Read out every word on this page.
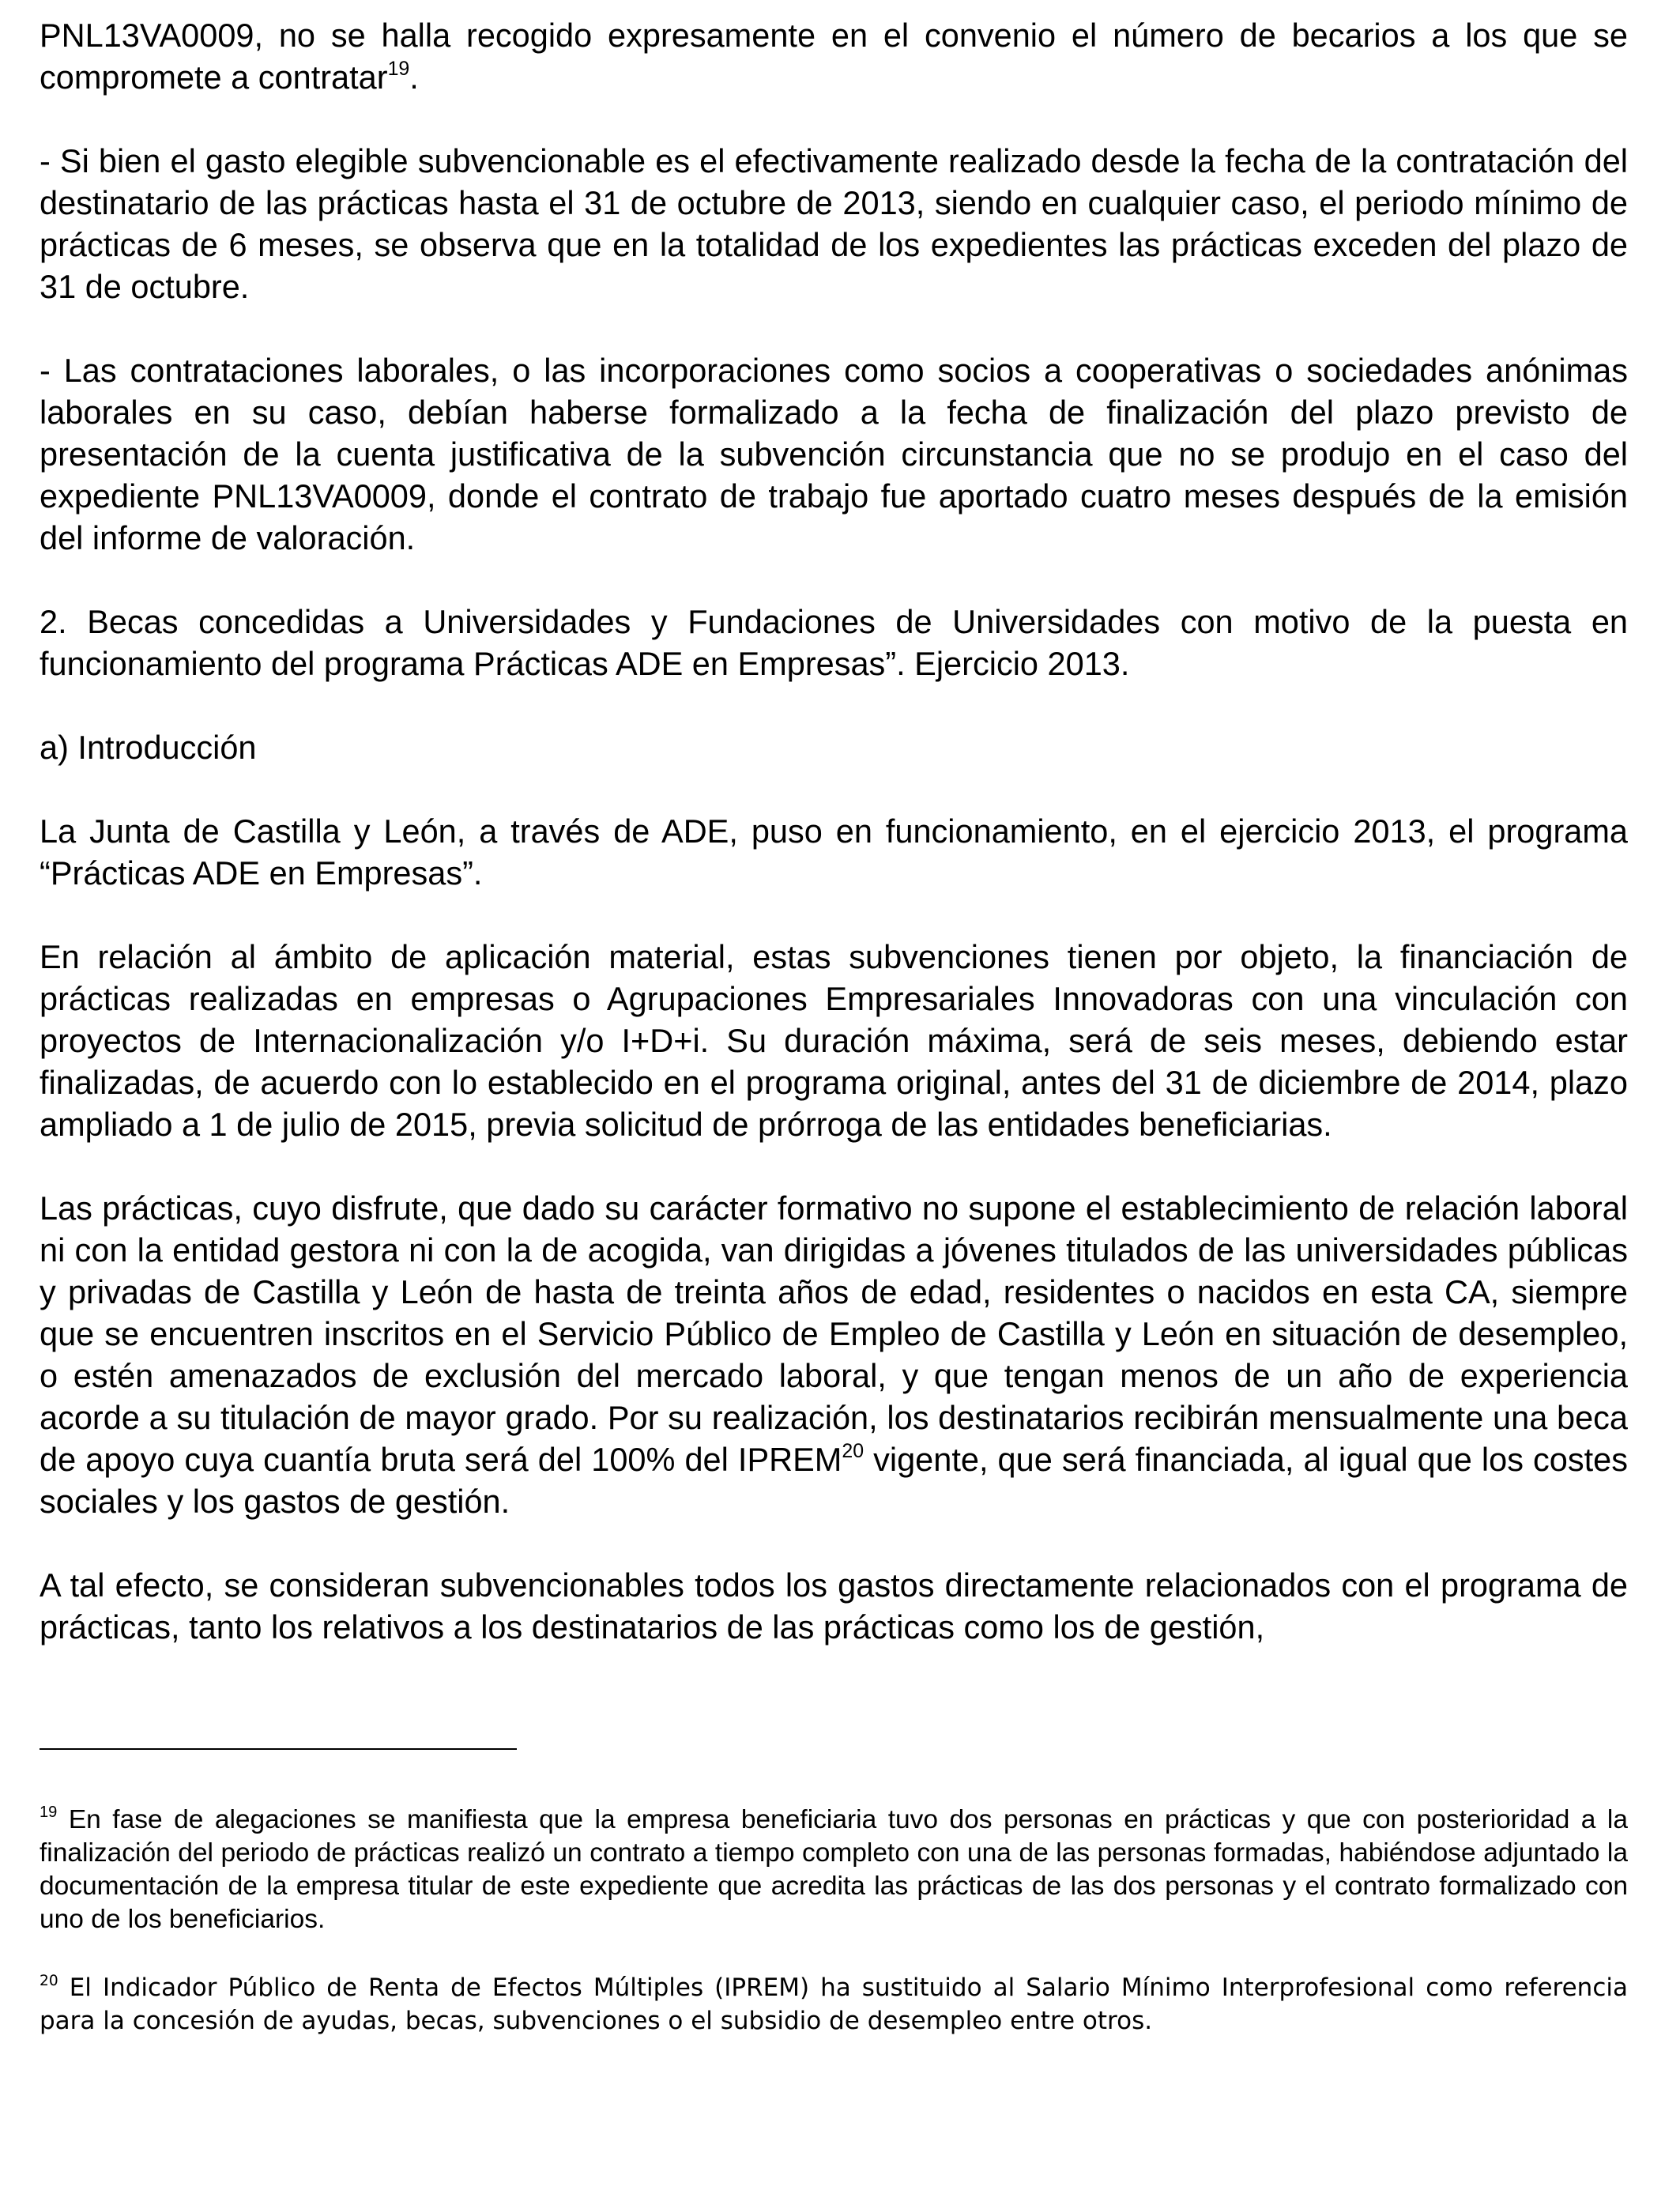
PNL13VA0009, no se halla recogido expresamente en el convenio el número de becarios a los que se compromete a contratar$^{19}$.

- Si bien el gasto elegible subvencionable es el efectivamente realizado desde la fecha de la contratación del destinatario de las prácticas hasta el 31 de octubre de 2013, siendo en cualquier caso, el periodo mínimo de prácticas de 6 meses, se observa que en la totalidad de los expedientes las prácticas exceden del plazo de 31 de octubre.

- Las contrataciones laborales, o las incorporaciones como socios a cooperativas o sociedades anónimas laborales en su caso, debían haberse formalizado a la fecha de finalización del plazo previsto de presentación de la cuenta justificativa de la subvención circunstancia que no se produjo en el caso del expediente PNL13VA0009, donde el contrato de trabajo fue aportado cuatro meses después de la emisión del informe de valoración.

2. Becas concedidas a Universidades y Fundaciones de Universidades con motivo de la puesta en funcionamiento del programa Prácticas ADE en Empresas”. Ejercicio 2013.

a) Introducción

La Junta de Castilla y León, a través de ADE, puso en funcionamiento, en el ejercicio 2013, el programa “Prácticas ADE en Empresas”.

En relación al ámbito de aplicación material, estas subvenciones tienen por objeto, la financiación de prácticas realizadas en empresas o Agrupaciones Empresariales Innovadoras con una vinculación con proyectos de Internacionalización y/o I+D+i. Su duración máxima, será de seis meses, debiendo estar finalizadas, de acuerdo con lo establecido en el programa original, antes del 31 de diciembre de 2014, plazo ampliado a 1 de julio de 2015, previa solicitud de prórroga de las entidades beneficiarias.

Las prácticas, cuyo disfrute, que dado su carácter formativo no supone el establecimiento de relación laboral ni con la entidad gestora ni con la de acogida, van dirigidas a jóvenes titulados de las universidades públicas y privadas de Castilla y León de hasta de treinta años de edad, residentes o nacidos en esta CA, siempre que se encuentren inscritos en el Servicio Público de Empleo de Castilla y León en situación de desempleo, o estén amenazados de exclusión del mercado laboral, y que tengan menos de un año de experiencia acorde a su titulación de mayor grado. Por su realización, los destinatarios recibirán mensualmente una beca de apoyo cuya cuantía bruta será del 100% del IPREM$^{20}$ vigente, que será financiada, al igual que los costes sociales y los gastos de gestión.

A tal efecto, se consideran subvencionables todos los gastos directamente relacionados con el programa de prácticas, tanto los relativos a los destinatarios de las prácticas como los de gestión,

$^{19}$ En fase de alegaciones se manifiesta que la empresa beneficiaria tuvo dos personas en prácticas y que con posterioridad a la finalización del periodo de prácticas realizó un contrato a tiempo completo con una de las personas formadas, habiéndose adjuntado la documentación de la empresa titular de este expediente que acredita las prácticas de las dos personas y el contrato formalizado con uno de los beneficiarios.

$^{20}$ El Indicador Público de Renta de Efectos Múltiples (IPREM) ha sustituido al Salario Mínimo Interprofesional como referencia para la concesión de ayudas, becas, subvenciones o el subsidio de desempleo entre otros.
